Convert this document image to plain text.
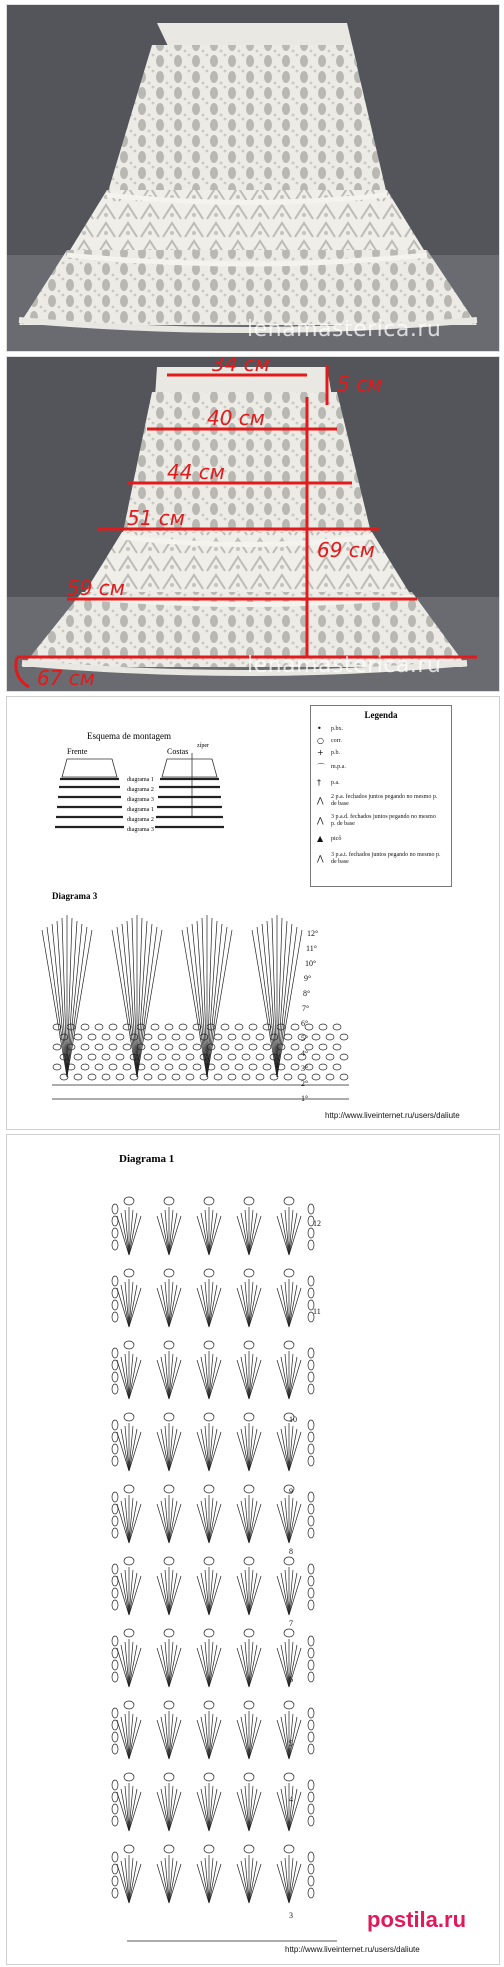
lenamasterica.ru
lenamasterica.ru
34 см
5 см
40 см
44 см
51 см
69 см
59 см
67 см
Esquema de montagem
Frente	Costas
zíper
diagrama 1
diagrama 2
diagrama 3
diagrama 1
diagrama 2
diagrama 3
Legenda
• p.bx.
○ corr.
+ p.b.
⌒ m.p.a.
† p.a.
⋀ 2 p.a. fechados juntos pegando no mesmo p. de base
⋀ 3 p.a.d. fechados juntos pegando no mesmo p. de base
▲ picô
⋀ 3 p.a.t. fechados juntos pegando no mesmo p. de base
Diagrama 3
12°
11°
10°
9°
8°
7°
6°
5°
4°
3°
2°
1°
http://www.liveinternet.ru/users/daliute
Diagrama 1
12
11
10
9
8
7
6
5
4
3
http://www.liveinternet.ru/users/daliute
postila.ru
